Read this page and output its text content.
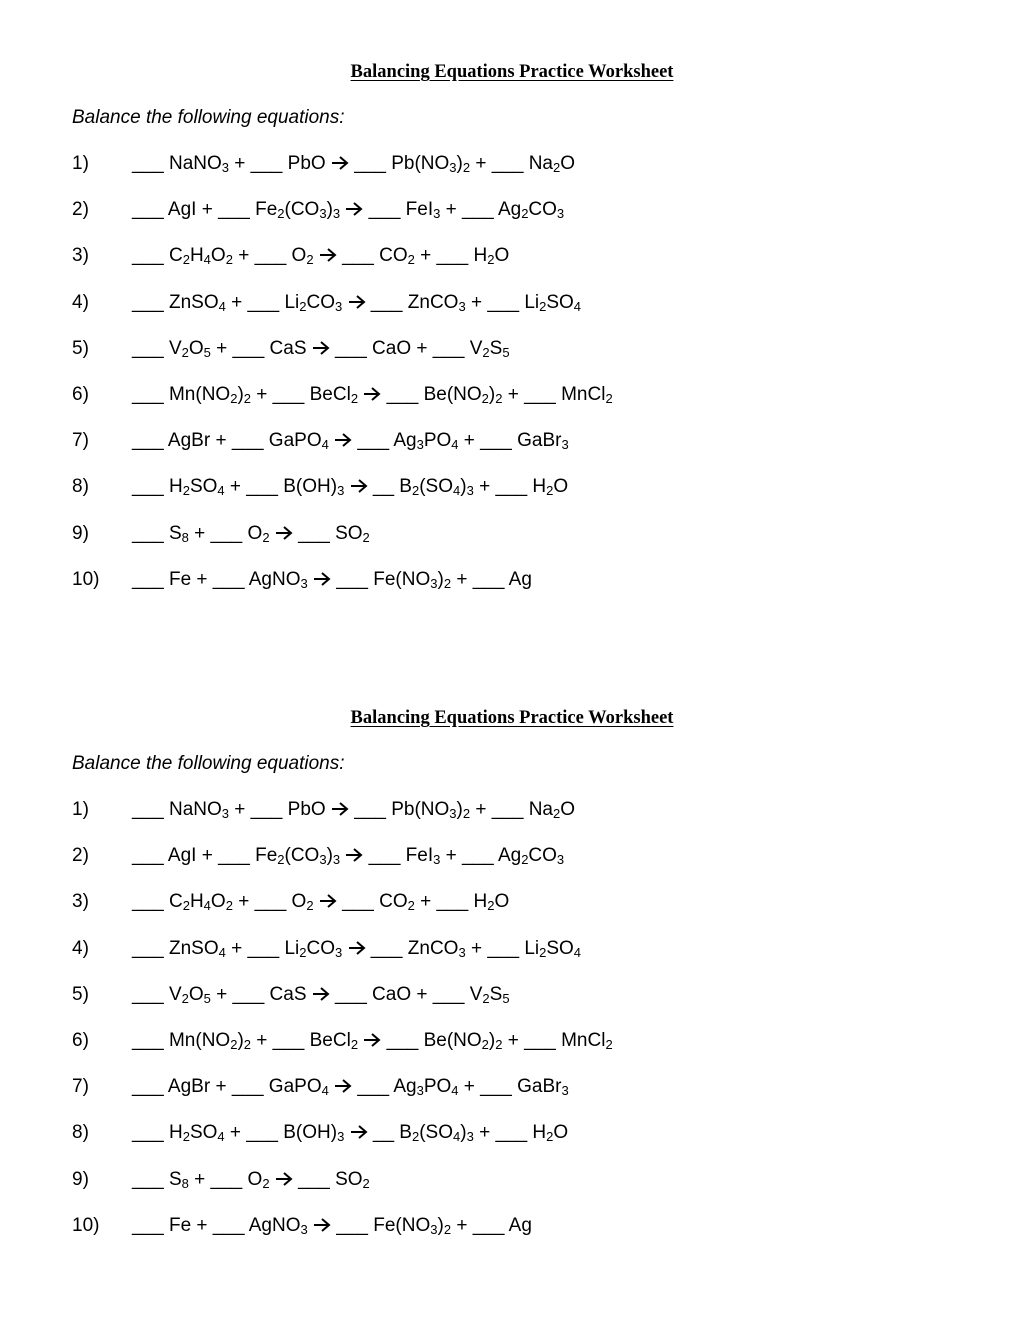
Balancing Equations Practice Worksheet
Balance the following equations:
1) ___ NaNO$_3$ + ___ PbO  ___ $Pb(NO_3)_2$ + ___ $Na_2O$
2) ___ AgI + ___ $Fe_2(CO_3)_3$  ___ FeI$_3$ + ___ $Ag_2CO_3$
3) ___ $C_2H_4O_2$ + ___ $O_2$  ___ $CO_2$ + ___ $H_2O$
4) ___ ZnSO$_4$ + ___ $Li_2CO_3$  ___ ZnCO$_3$ + ___ $Li_2SO_4$
5) ___ $V_2O_5$ + ___ CaS  ___ CaO + ___ $V_2S_5$
6) ___ $Mn(NO_2)_2$ + ___ BeCl$_2$  ___ $Be(NO_2)_2$ + ___ MnCl$_2$
7) ___ AgBr + ___ GaPO$_4$  ___ $Ag_3PO_4$ + ___ GaBr$_3$
8) ___ $H_2SO_4$ + ___ $B(OH)_3$  __ $B_2(SO_4)_3$ + ___ $H_2O$
9) ___ $S_8$ + ___ $O_2$  ___ $SO_2$
10) ___ Fe + ___ AgNO$_3$  ___ $Fe(NO_3)_2$ + ___ Ag
Balancing Equations Practice Worksheet
Balance the following equations:
1) ___ NaNO$_3$ + ___ PbO  ___ $Pb(NO_3)_2$ + ___ $Na_2O$
2) ___ AgI + ___ $Fe_2(CO_3)_3$  ___ FeI$_3$ + ___ $Ag_2CO_3$
3) ___ $C_2H_4O_2$ + ___ $O_2$  ___ $CO_2$ + ___ $H_2O$
4) ___ ZnSO$_4$ + ___ $Li_2CO_3$  ___ ZnCO$_3$ + ___ $Li_2SO_4$
5) ___ $V_2O_5$ + ___ CaS  ___ CaO + ___ $V_2S_5$
6) ___ $Mn(NO_2)_2$ + ___ BeCl$_2$  ___ $Be(NO_2)_2$ + ___ MnCl$_2$
7) ___ AgBr + ___ GaPO$_4$  ___ $Ag_3PO_4$ + ___ GaBr$_3$
8) ___ $H_2SO_4$ + ___ $B(OH)_3$  __ $B_2(SO_4)_3$ + ___ $H_2O$
9) ___ $S_8$ + ___ $O_2$  ___ $SO_2$
10) ___ Fe + ___ AgNO$_3$  ___ $Fe(NO_3)_2$ + ___ Ag
